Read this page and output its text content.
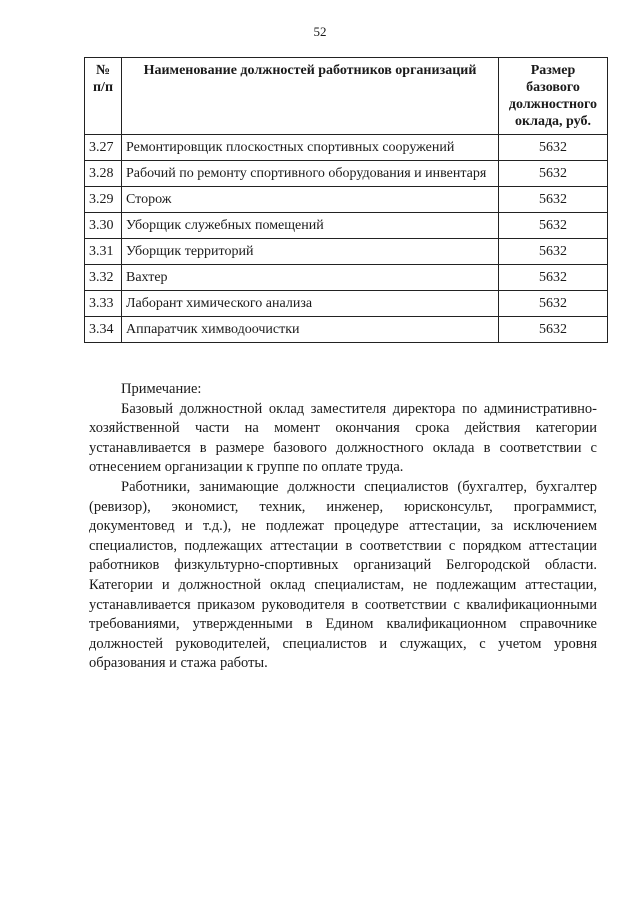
52
№ п/п	Наименование должностей работников организаций	Размер базового должностного оклада, руб.
3.27	Ремонтировщик плоскостных спортивных сооружений	5632
3.28	Рабочий по ремонту спортивного оборудования и инвентаря	5632
3.29	Сторож	5632
3.30	Уборщик служебных помещений	5632
3.31	Уборщик территорий	5632
3.32	Вахтер	5632
3.33	Лаборант химического анализа	5632
3.34	Аппаратчик химводоочистки	5632
Примечание:

Базовый должностной оклад заместителя директора по административно-хозяйственной части на момент окончания срока действия категории устанавливается в размере базового должностного оклада в соответствии с отнесением организации к группе по оплате труда.

Работники, занимающие должности специалистов (бухгалтер, бухгалтер (ревизор), экономист, техник, инженер, юрисконсульт, программист, документовед и т.д.), не подлежат процедуре аттестации, за исключением специалистов, подлежащих аттестации в соответствии с порядком аттестации работников физкультурно-спортивных организаций Белгородской области. Категории и должностной оклад специалистам, не подлежащим аттестации, устанавливается приказом руководителя в соответствии с квалификационными требованиями, утвержденными в Едином квалификационном справочнике должностей руководителей, специалистов и служащих, с учетом уровня образования и стажа работы.
